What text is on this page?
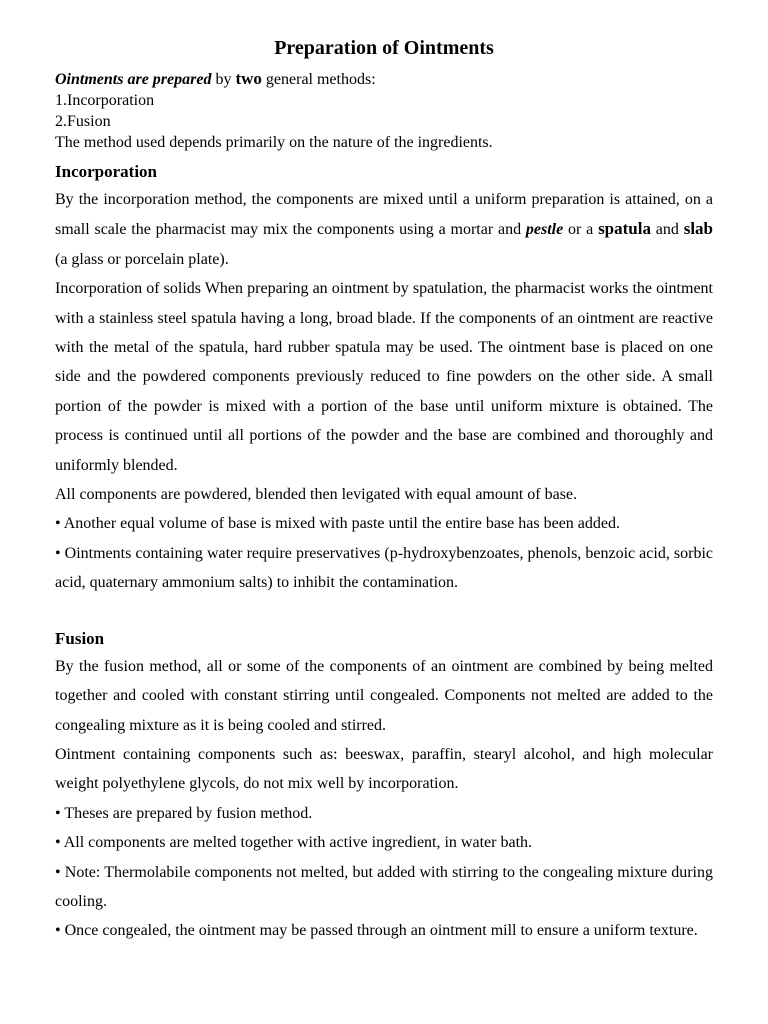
Preparation of Ointments
Ointments are prepared by two general methods:
1.Incorporation
2.Fusion
The method used depends primarily on the nature of the ingredients.
Incorporation

By the incorporation method, the components are mixed until a uniform preparation is attained, on a small scale the pharmacist may mix the components using a mortar and pestle or a spatula and slab (a glass or porcelain plate).

Incorporation of solids When preparing an ointment by spatulation, the pharmacist works the ointment with a stainless steel spatula having a long, broad blade. If the components of an ointment are reactive with the metal of the spatula, hard rubber spatula may be used. The ointment base is placed on one side and the powdered components previously reduced to fine powders on the other side. A small portion of the powder is mixed with a portion of the base until uniform mixture is obtained. The process is continued until all portions of the powder and the base are combined and thoroughly and uniformly blended.

All components are powdered, blended then levigated with equal amount of base.

• Another equal volume of base is mixed with paste until the entire base has been added.

• Ointments containing water require preservatives (p-hydroxybenzoates, phenols, benzoic acid, sorbic acid, quaternary ammonium salts) to inhibit the contamination.

Fusion

By the fusion method, all or some of the components of an ointment are combined by being melted together and cooled with constant stirring until congealed. Components not melted are added to the congealing mixture as it is being cooled and stirred.

Ointment containing components such as: beeswax, paraffin, stearyl alcohol, and high molecular weight polyethylene glycols, do not mix well by incorporation.

• Theses are prepared by fusion method.

• All components are melted together with active ingredient, in water bath.

• Note: Thermolabile components not melted, but added with stirring to the congealing mixture during cooling.

• Once congealed, the ointment may be passed through an ointment mill to ensure a uniform texture.
